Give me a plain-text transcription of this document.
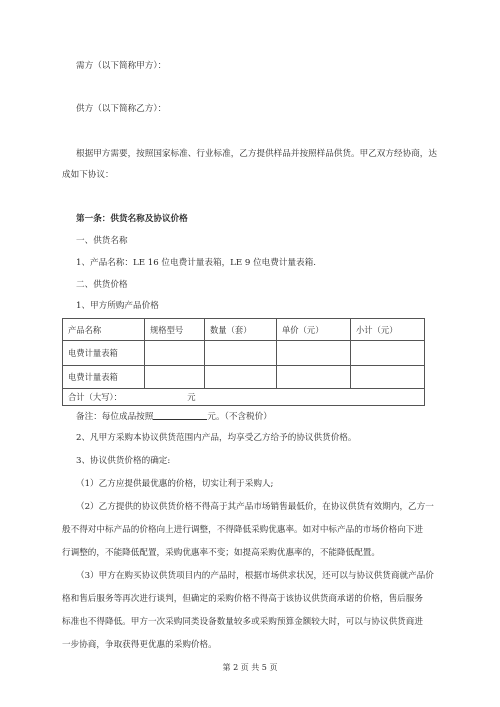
需方（以下简称甲方）：
供方（以下简称乙方）：
根据甲方需要，按照国家标准、行业标准，乙方提供样品并按照样品供货。甲乙双方经协商，达
成如下协议：
第一条：供货名称及协议价格
一、供货名称
1、产品名称：LE 16 位电费计量表箱，LE 9 位电费计量表箱.
二、供货价格
1、甲方所购产品价格
产品名称	规格型号	数量（套）	单价（元）	小计（元）
电费计量表箱				
电费计量表箱				
合计（大写）： 元				
备注：每位成品按照	元。（不含税价）
2、凡甲方采购本协议供货范围内产品，均享受乙方给予的协议供货价格。
3、协议供货价格的确定:
（1）乙方应提供最优惠的价格，切实让利于采购人;
（2）乙方提供的协议供货价格不得高于其产品市场销售最低价，在协议供货有效期内，乙方一
般不得对中标产品的价格向上进行调整，不得降低采购优惠率。如对中标产品的市场价格向下进
行调整的，不能降低配置，采购优惠率不变；如提高采购优惠率的，不能降低配置。
（3）甲方在购买协议供货项目内的产品时，根据市场供求状况，还可以与协议供货商就产品价
格和售后服务等再次进行谈判，但确定的采购价格不得高于该协议供货商承诺的价格，售后服务
标准也不得降低。甲方一次采购同类设备数量较多或采购预算金额较大时，可以与协议供货商进
一步协商，争取获得更优惠的采购价格。
第 2 页 共 5 页
